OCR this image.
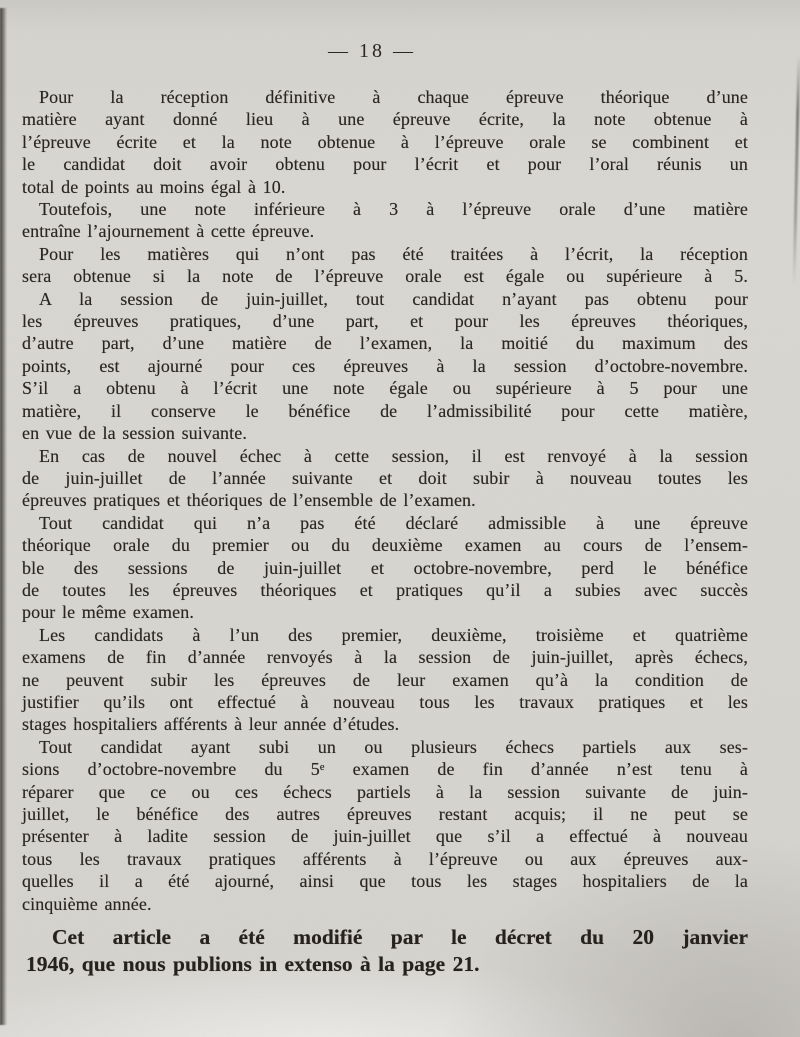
— 18 —
Pour la réception définitive à chaque épreuve théorique d’une
matière ayant donné lieu à une épreuve écrite, la note obtenue à
l’épreuve écrite et la note obtenue à l’épreuve orale se combinent et
le candidat doit avoir obtenu pour l’écrit et pour l’oral réunis un
total de points au moins égal à 10.
Toutefois, une note inférieure à 3 à l’épreuve orale d’une matière
entraîne l’ajournement à cette épreuve.
Pour les matières qui n’ont pas été traitées à l’écrit, la réception
sera obtenue si la note de l’épreuve orale est égale ou supérieure à 5.
A la session de juin-juillet, tout candidat n’ayant pas obtenu pour
les épreuves pratiques, d’une part, et pour les épreuves théoriques,
d’autre part, d’une matière de l’examen, la moitié du maximum des
points, est ajourné pour ces épreuves à la session d’octobre-novembre.
S’il a obtenu à l’écrit une note égale ou supérieure à 5 pour une
matière, il conserve le bénéfice de l’admissibilité pour cette matière,
en vue de la session suivante.
En cas de nouvel échec à cette session, il est renvoyé à la session
de juin-juillet de l’année suivante et doit subir à nouveau toutes les
épreuves pratiques et théoriques de l’ensemble de l’examen.
Tout candidat qui n’a pas été déclaré admissible à une épreuve
théorique orale du premier ou du deuxième examen au cours de l’ensem-
ble des sessions de juin-juillet et octobre-novembre, perd le bénéfice
de toutes les épreuves théoriques et pratiques qu’il a subies avec succès
pour le même examen.
Les candidats à l’un des premier, deuxième, troisième et quatrième
examens de fin d’année renvoyés à la session de juin-juillet, après échecs,
ne peuvent subir les épreuves de leur examen qu’à la condition de
justifier qu’ils ont effectué à nouveau tous les travaux pratiques et les
stages hospitaliers afférents à leur année d’études.
Tout candidat ayant subi un ou plusieurs échecs partiels aux ses-
sions d’octobre-novembre du 5ᵉ examen de fin d’année n’est tenu à
réparer que ce ou ces échecs partiels à la session suivante de juin-
juillet, le bénéfice des autres épreuves restant acquis; il ne peut se
présenter à ladite session de juin-juillet que s’il a effectué à nouveau
tous les travaux pratiques afférents à l’épreuve ou aux épreuves aux-
quelles il a été ajourné, ainsi que tous les stages hospitaliers de la
cinquième année.
Cet article a été modifié par le décret du 20 janvier
1946, que nous publions in extenso à la page 21.
